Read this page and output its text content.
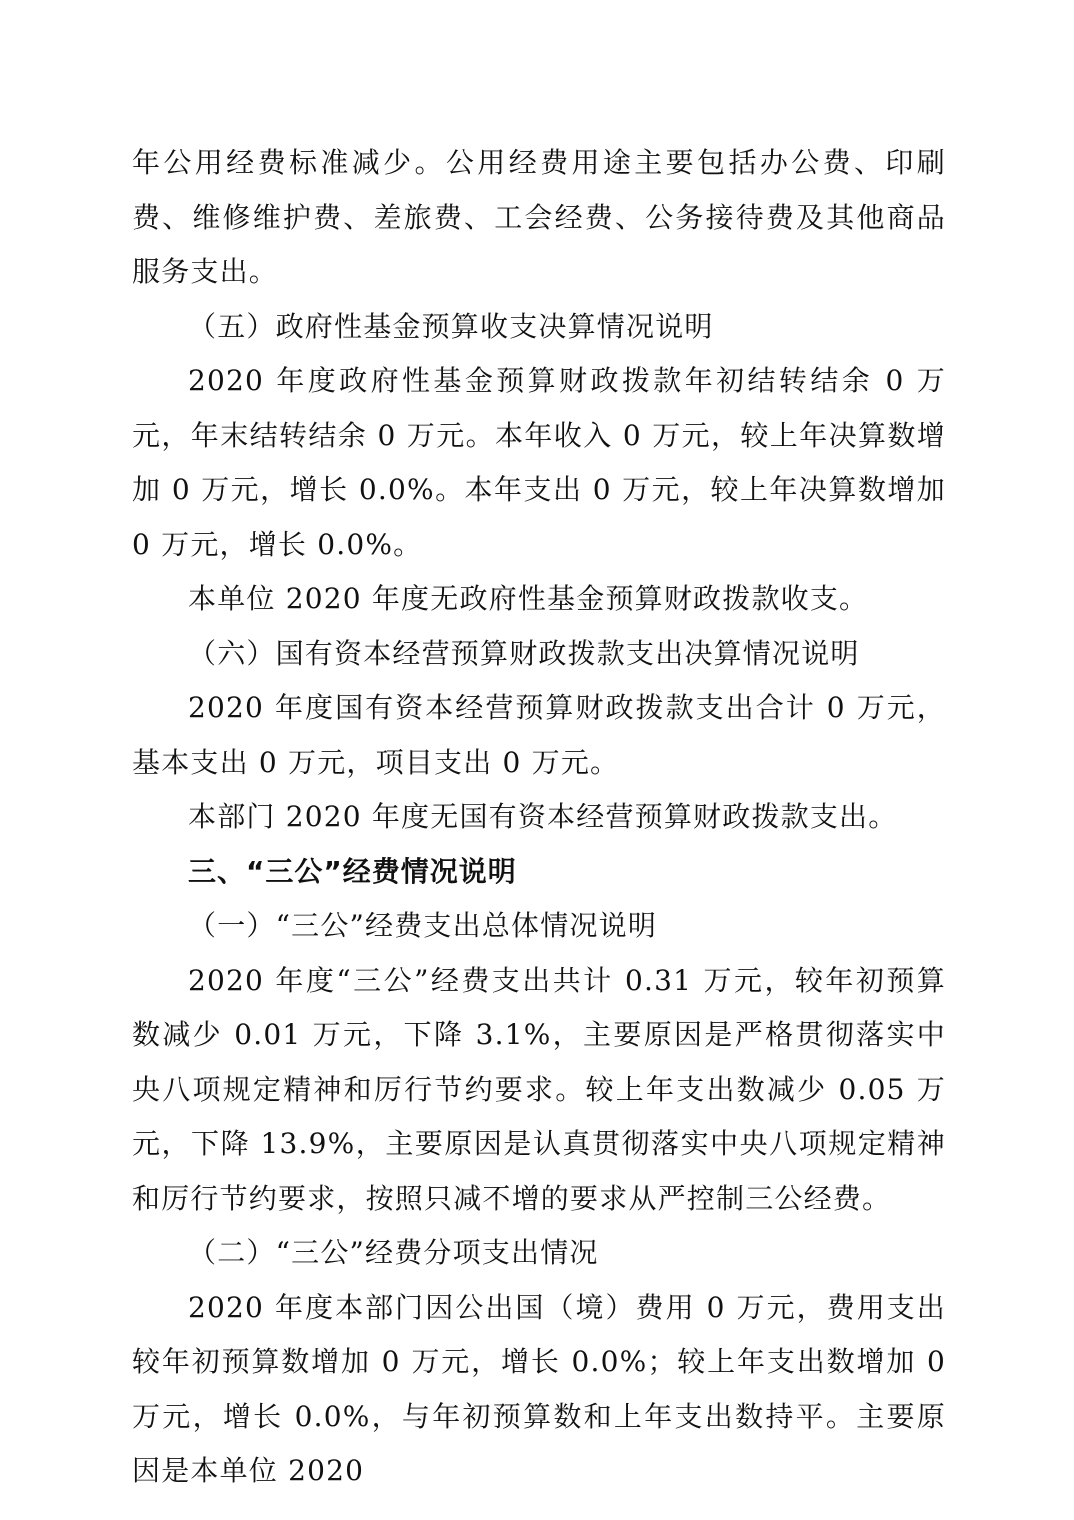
年公用经费标准减少。公用经费用途主要包括办公费、印刷费、维修维护费、差旅费、工会经费、公务接待费及其他商品服务支出。

（五）政府性基金预算收支决算情况说明

2020 年度政府性基金预算财政拨款年初结转结余 0 万元，年末结转结余 0 万元。本年收入 0 万元，较上年决算数增加 0 万元，增长 0.0%。本年支出 0 万元，较上年决算数增加 0 万元，增长 0.0%。

本单位 2020 年度无政府性基金预算财政拨款收支。

（六）国有资本经营预算财政拨款支出决算情况说明

2020 年度国有资本经营预算财政拨款支出合计 0 万元，基本支出 0 万元，项目支出 0 万元。

本部门 2020 年度无国有资本经营预算财政拨款支出。

三、“三公”经费情况说明

（一）“三公”经费支出总体情况说明

2020 年度“三公”经费支出共计 0.31 万元，较年初预算数减少 0.01 万元，下降 3.1%，主要原因是严格贯彻落实中央八项规定精神和厉行节约要求。较上年支出数减少 0.05 万元，下降 13.9%，主要原因是认真贯彻落实中央八项规定精神和厉行节约要求，按照只减不增的要求从严控制三公经费。

（二）“三公”经费分项支出情况

2020 年度本部门因公出国（境）费用 0 万元，费用支出较年初预算数增加 0 万元，增长 0.0%；较上年支出数增加 0 万元，增长 0.0%，与年初预算数和上年支出数持平。主要原因是本单位 2020
